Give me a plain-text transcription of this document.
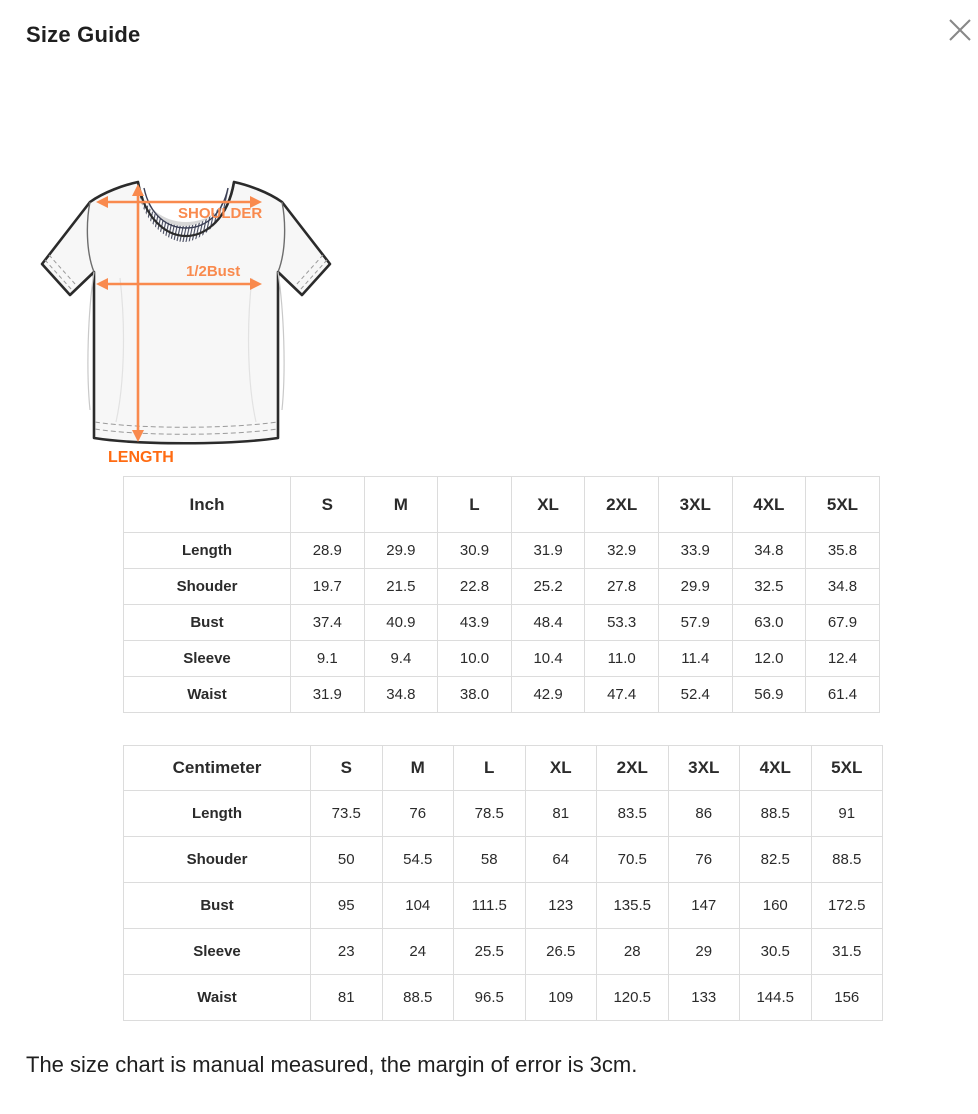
Size Guide
SHOULDER
1/2Bust
LENGTH
Inch	S	M	L	XL	2XL	3XL	4XL	5XL
Length	28.9	29.9	30.9	31.9	32.9	33.9	34.8	35.8
Shouder	19.7	21.5	22.8	25.2	27.8	29.9	32.5	34.8
Bust	37.4	40.9	43.9	48.4	53.3	57.9	63.0	67.9
Sleeve	9.1	9.4	10.0	10.4	11.0	11.4	12.0	12.4
Waist	31.9	34.8	38.0	42.9	47.4	52.4	56.9	61.4
Centimeter	S	M	L	XL	2XL	3XL	4XL	5XL
Length	73.5	76	78.5	81	83.5	86	88.5	91
Shouder	50	54.5	58	64	70.5	76	82.5	88.5
Bust	95	104	111.5	123	135.5	147	160	172.5
Sleeve	23	24	25.5	26.5	28	29	30.5	31.5
Waist	81	88.5	96.5	109	120.5	133	144.5	156
The size chart is manual measured, the margin of error is 3cm.
